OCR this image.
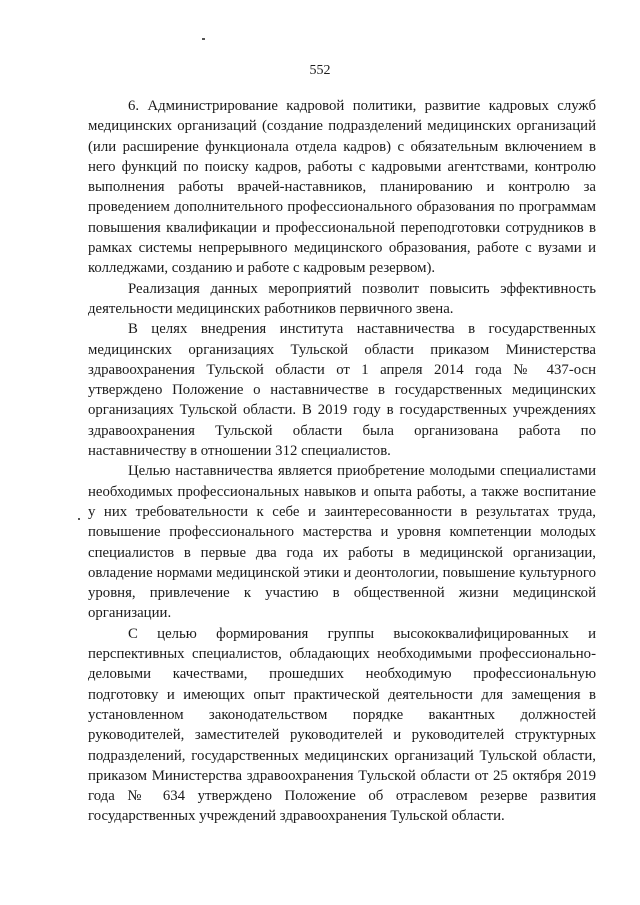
552

6. Администрирование кадровой политики, развитие кадровых служб медицинских организаций (создание подразделений медицинских организаций (или расширение функционала отдела кадров) с обязательным включением в него функций по поиску кадров, работы с кадровыми агентствами, контролю выполнения работы врачей-наставников, планированию и контролю за проведением дополнительного профессионального образования по программам повышения квалификации и профессиональной переподготовки сотрудников в рамках системы непрерывного медицинского образования, работе с вузами и колледжами, созданию и работе с кадровым резервом).

Реализация данных мероприятий позволит повысить эффективность деятельности медицинских работников первичного звена.

В целях внедрения института наставничества в государственных медицинских организациях Тульской области приказом Министерства здравоохранения Тульской области от 1 апреля 2014 года № 437-осн утверждено Положение о наставничестве в государственных медицинских организациях Тульской области. В 2019 году в государственных учреждениях здравоохранения Тульской области была организована работа по наставничеству в отношении 312 специалистов.

Целью наставничества является приобретение молодыми специалистами необходимых профессиональных навыков и опыта работы, а также воспитание у них требовательности к себе и заинтересованности в результатах труда, повышение профессионального мастерства и уровня компетенции молодых специалистов в первые два года их работы в медицинской организации, овладение нормами медицинской этики и деонтологии, повышение культурного уровня, привлечение к участию в общественной жизни медицинской организации.

С целью формирования группы высококвалифицированных и перспективных специалистов, обладающих необходимыми профессионально-деловыми качествами, прошедших необходимую профессиональную подготовку и имеющих опыт практической деятельности для замещения в установленном законодательством порядке вакантных должностей руководителей, заместителей руководителей и руководителей структурных подразделений, государственных медицинских организаций Тульской области, приказом Министерства здравоохранения Тульской области от 25 октября 2019 года № 634 утверждено Положение об отраслевом резерве развития государственных учреждений здравоохранения Тульской области.
